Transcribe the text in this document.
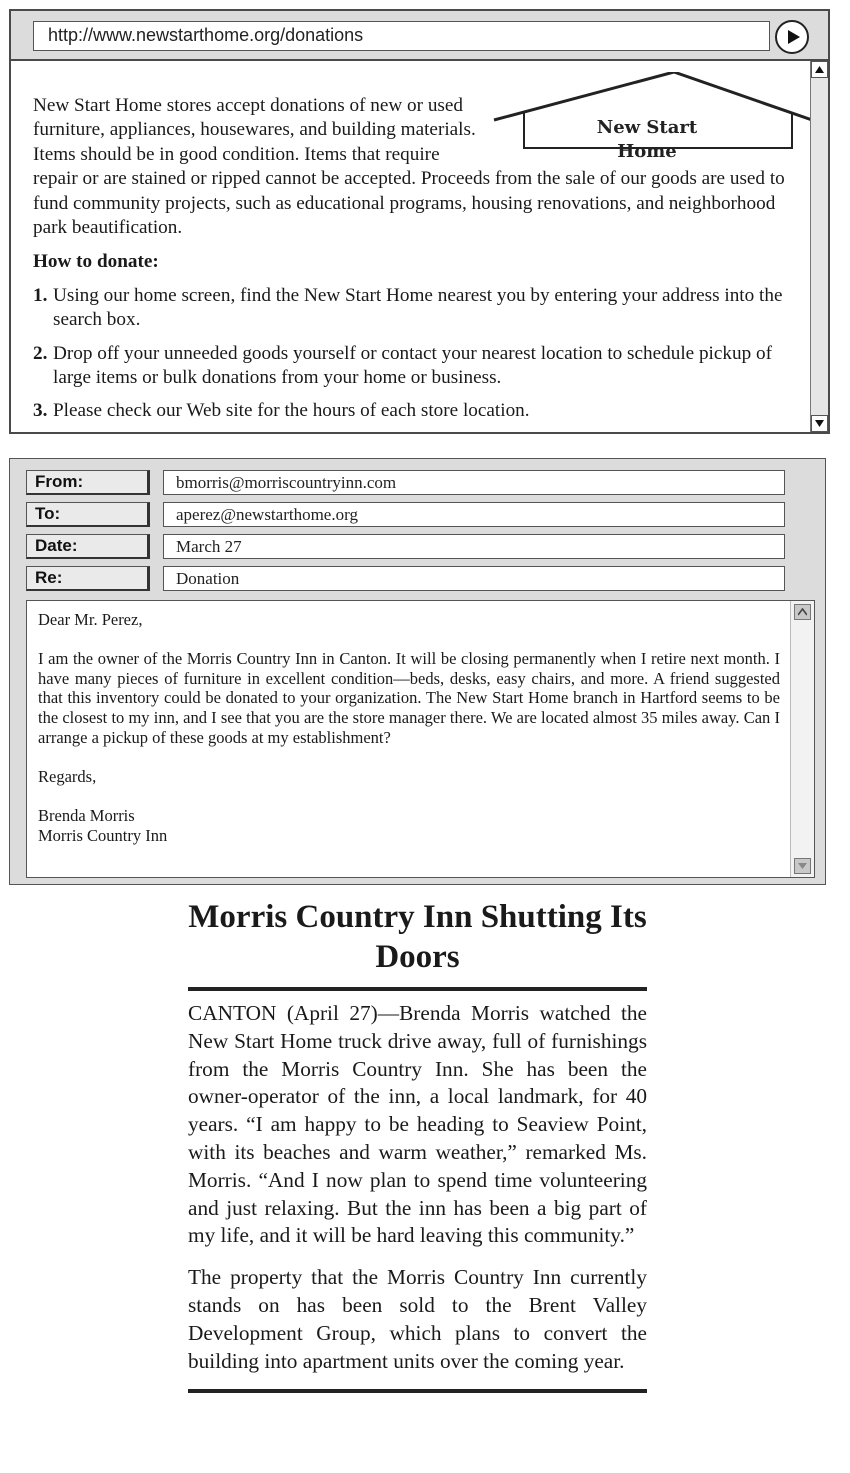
http://www.newstarthome.org/donations
New Start Home

New Start Home stores accept donations of new or used furniture, appliances, housewares, and building materials. Items should be in good condition. Items that require repair or are stained or ripped cannot be accepted. Proceeds from the sale of our goods are used to fund community projects, such as educational programs, housing renovations, and neighborhood park beautification.

How to donate:

1. Using our home screen, find the New Start Home nearest you by entering your address into the search box.
2. Drop off your unneeded goods yourself or contact your nearest location to schedule pickup of large items or bulk donations from your home or business.
3. Please check our Web site for the hours of each store location.
From:	bmorris@morriscountryinn.com
To:	aperez@newstarthome.org
Date:	March 27
Re:	Donation

Dear Mr. Perez,

I am the owner of the Morris Country Inn in Canton. It will be closing permanently when I retire next month. I have many pieces of furniture in excellent condition—beds, desks, easy chairs, and more. A friend suggested that this inventory could be donated to your organization. The New Start Home branch in Hartford seems to be the closest to my inn, and I see that you are the store manager there. We are located almost 35 miles away. Can I arrange a pickup of these goods at my establishment?

Regards,

Brenda Morris

Morris Country Inn

Morris Country Inn Shutting Its Doors

CANTON (April 27)—Brenda Morris watched the New Start Home truck drive away, full of furnishings from the Morris Country Inn. She has been the owner-operator of the inn, a local landmark, for 40 years. “I am happy to be heading to Seaview Point, with its beaches and warm weather,” remarked Ms. Morris. “And I now plan to spend time volunteering and just relaxing. But the inn has been a big part of my life, and it will be hard leaving this community.”

The property that the Morris Country Inn currently stands on has been sold to the Brent Valley Development Group, which plans to convert the building into apartment units over the coming year.
